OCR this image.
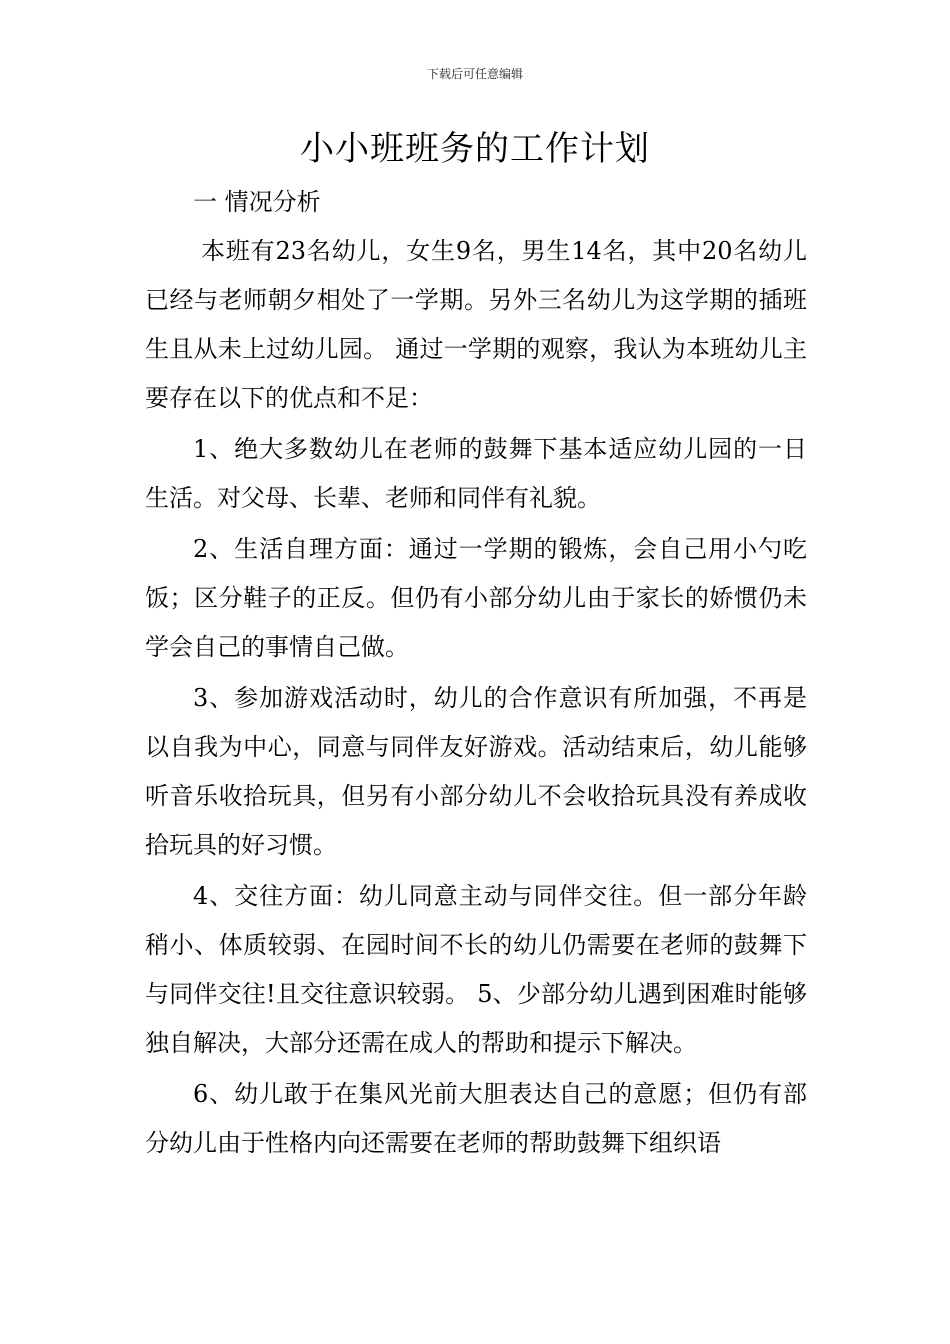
下载后可任意编辑
小小班班务的工作计划

一 情况分析

本班有23名幼儿，女生9名，男生14名，其中20名幼儿已经与老师朝夕相处了一学期。另外三名幼儿为这学期的插班生且从未上过幼儿园。 通过一学期的观察，我认为本班幼儿主要存在以下的优点和不足：

1、绝大多数幼儿在老师的鼓舞下基本适应幼儿园的一日生活。对父母、长辈、老师和同伴有礼貌。

2、生活自理方面：通过一学期的锻炼，会自己用小勺吃饭；区分鞋子的正反。但仍有小部分幼儿由于家长的娇惯仍未学会自己的事情自己做。

3、参加游戏活动时，幼儿的合作意识有所加强，不再是以自我为中心，同意与同伴友好游戏。活动结束后，幼儿能够听音乐收拾玩具，但另有小部分幼儿不会收拾玩具没有养成收拾玩具的好习惯。

4、交往方面：幼儿同意主动与同伴交往。但一部分年龄稍小、体质较弱、在园时间不长的幼儿仍需要在老师的鼓舞下与同伴交往!且交往意识较弱。 5、少部分幼儿遇到困难时能够独自解决，大部分还需在成人的帮助和提示下解决。

6、幼儿敢于在集风光前大胆表达自己的意愿；但仍有部分幼儿由于性格内向还需要在老师的帮助鼓舞下组织语
